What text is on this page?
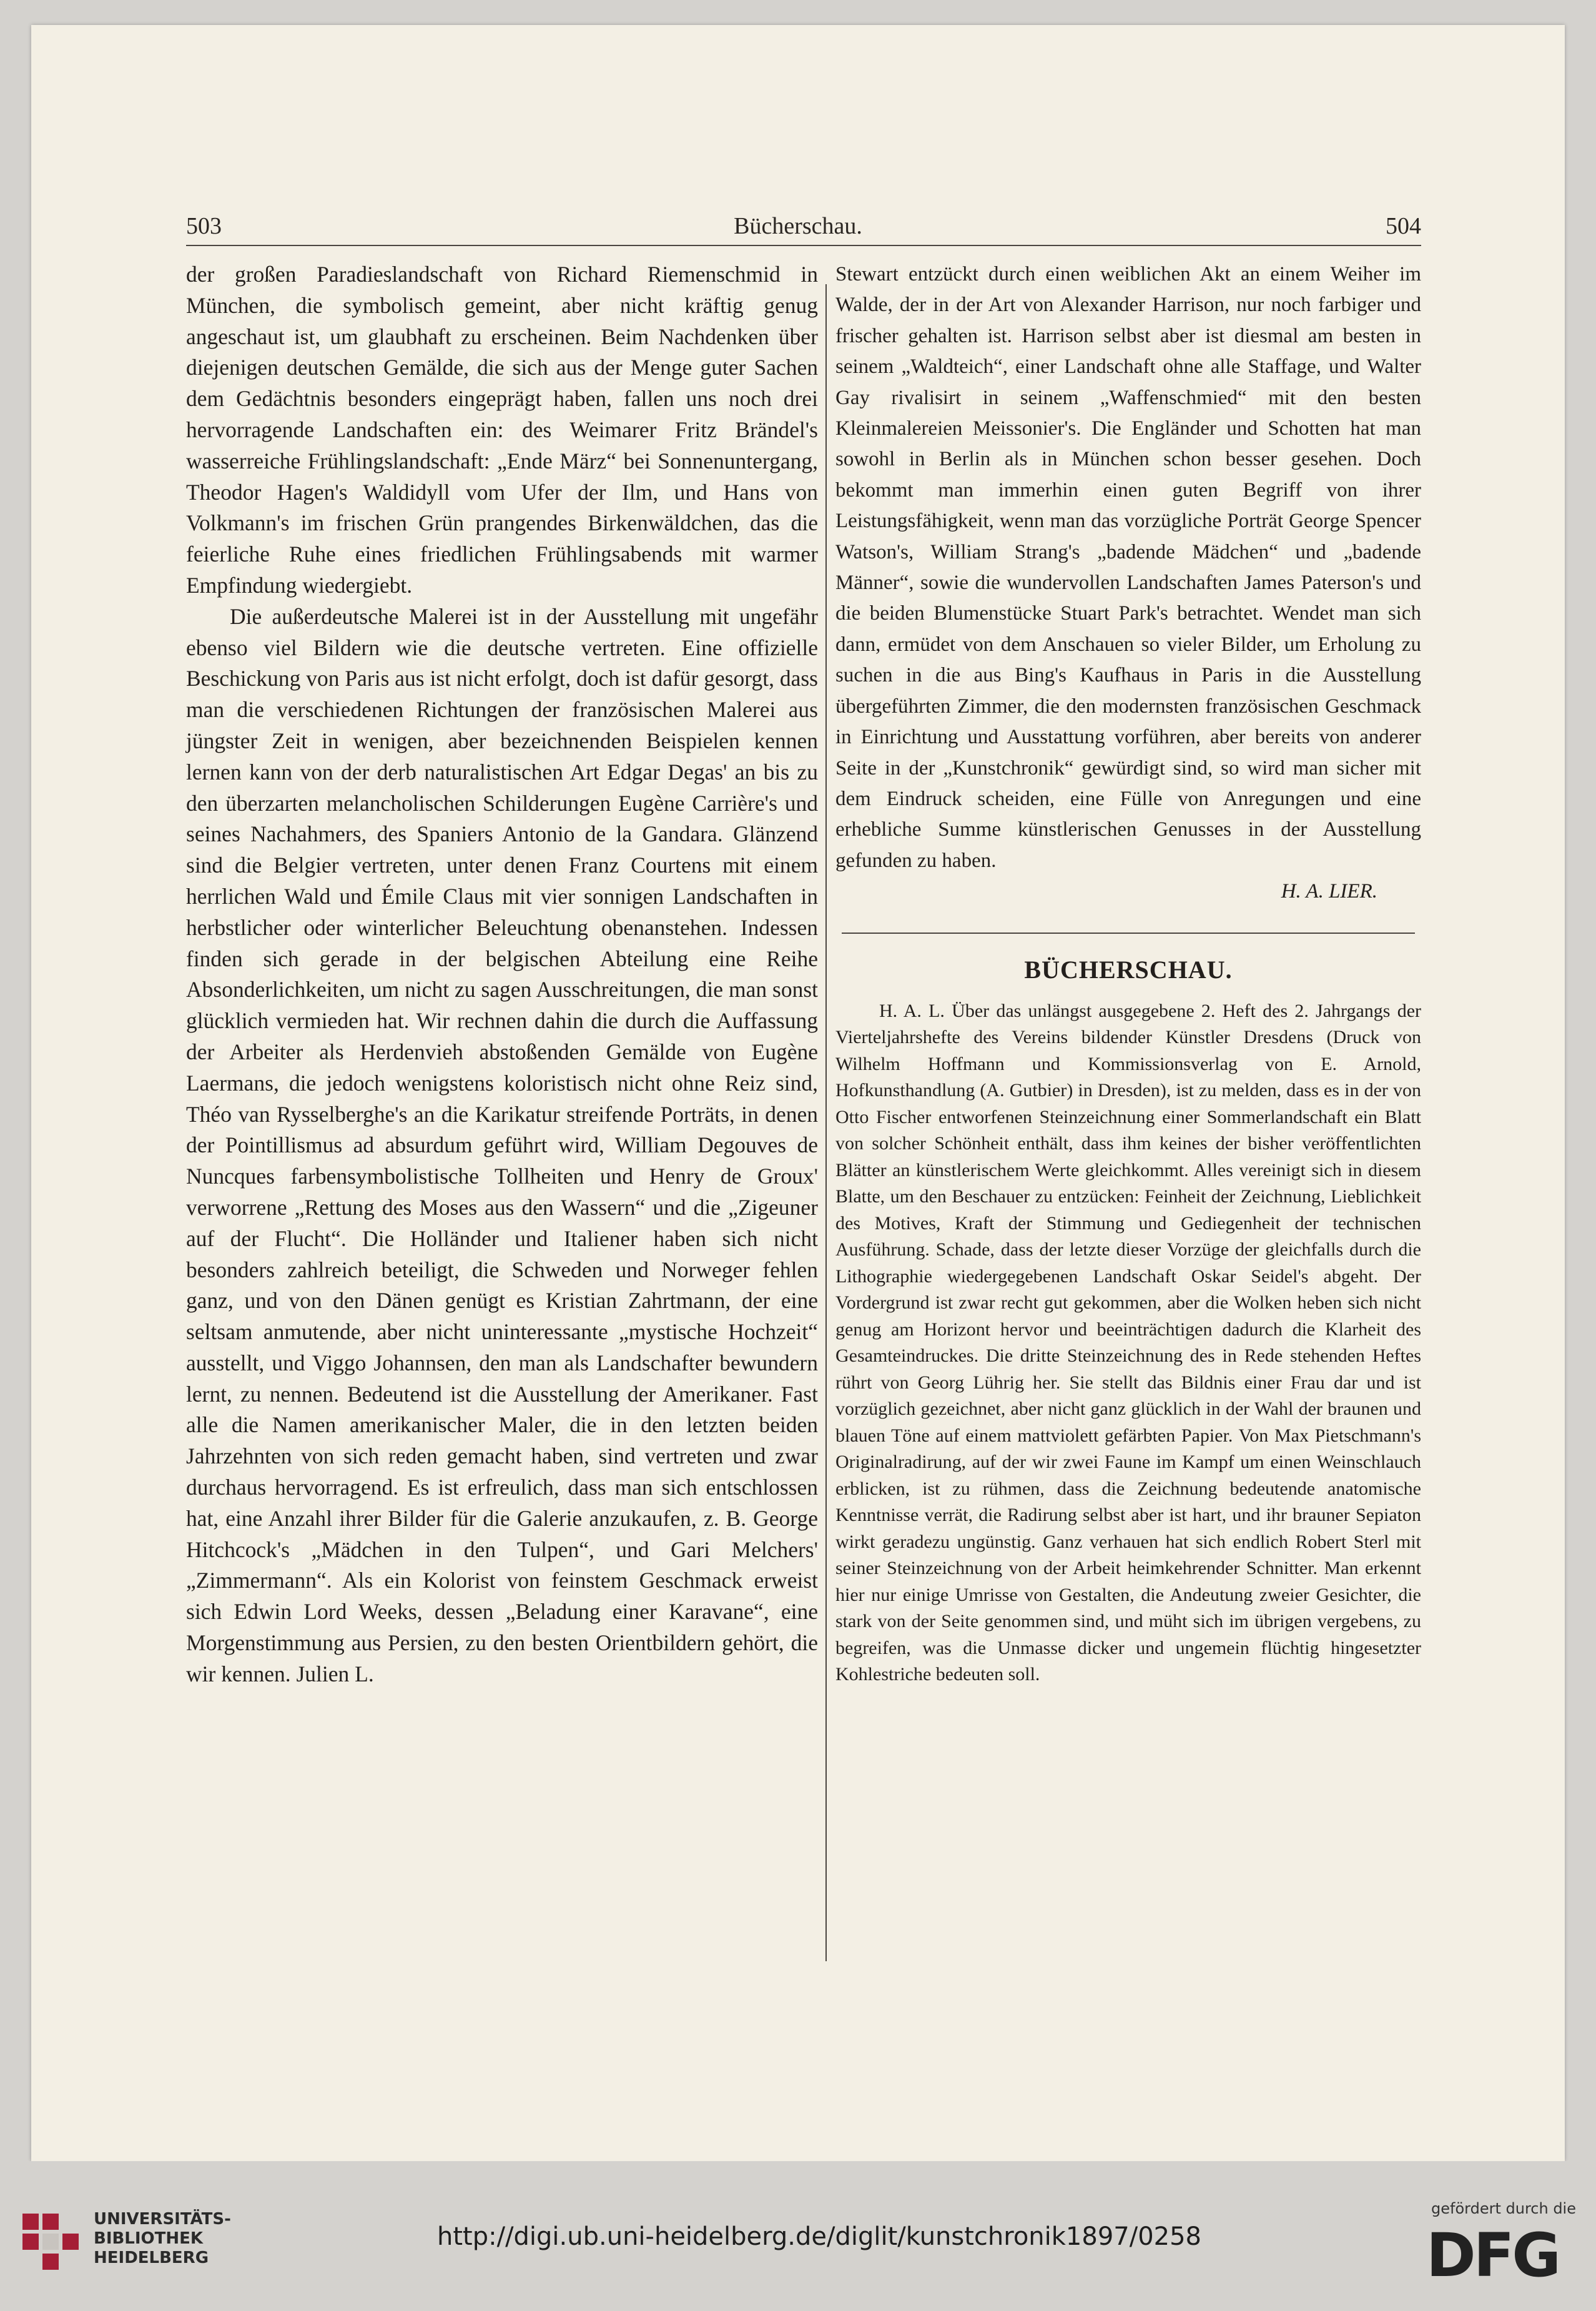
503	Bücherschau.	504

der großen Paradieslandschaft von Richard Riemenschmid in München, die symbolisch gemeint, aber nicht kräftig genug angeschaut ist, um glaubhaft zu erscheinen. Beim Nachdenken über diejenigen deutschen Gemälde, die sich aus der Menge guter Sachen dem Gedächtnis besonders eingeprägt haben, fallen uns noch drei hervorragende Landschaften ein: des Weimarer Fritz Brändel's wasserreiche Frühlingslandschaft: „Ende März“ bei Sonnenuntergang, Theodor Hagen's Waldidyll vom Ufer der Ilm, und Hans von Volkmann's im frischen Grün prangendes Birkenwäldchen, das die feierliche Ruhe eines friedlichen Frühlingsabends mit warmer Empfindung wiedergiebt.

Die außerdeutsche Malerei ist in der Ausstellung mit ungefähr ebenso viel Bildern wie die deutsche vertreten. Eine offizielle Beschickung von Paris aus ist nicht erfolgt, doch ist dafür gesorgt, dass man die verschiedenen Richtungen der französischen Malerei aus jüngster Zeit in wenigen, aber bezeichnenden Beispielen kennen lernen kann von der derb naturalistischen Art Edgar Degas' an bis zu den überzarten melancholischen Schilderungen Eugène Carrière's und seines Nachahmers, des Spaniers Antonio de la Gandara. Glänzend sind die Belgier vertreten, unter denen Franz Courtens mit einem herrlichen Wald und Émile Claus mit vier sonnigen Landschaften in herbstlicher oder winterlicher Beleuchtung obenanstehen. Indessen finden sich gerade in der belgischen Abteilung eine Reihe Absonderlichkeiten, um nicht zu sagen Ausschreitungen, die man sonst glücklich vermieden hat. Wir rechnen dahin die durch die Auffassung der Arbeiter als Herdenvieh abstoßenden Gemälde von Eugène Laermans, die jedoch wenigstens koloristisch nicht ohne Reiz sind, Théo van Rysselberghe's an die Karikatur streifende Porträts, in denen der Pointillismus ad absurdum geführt wird, William Degouves de Nuncques farbensymbolistische Tollheiten und Henry de Groux' verworrene „Rettung des Moses aus den Wassern“ und die „Zigeuner auf der Flucht“. Die Holländer und Italiener haben sich nicht besonders zahlreich beteiligt, die Schweden und Norweger fehlen ganz, und von den Dänen genügt es Kristian Zahrtmann, der eine seltsam anmutende, aber nicht uninteressante „mystische Hochzeit“ ausstellt, und Viggo Johannsen, den man als Landschafter bewundern lernt, zu nennen. Bedeutend ist die Ausstellung der Amerikaner. Fast alle die Namen amerikanischer Maler, die in den letzten beiden Jahrzehnten von sich reden gemacht haben, sind vertreten und zwar durchaus hervorragend. Es ist erfreulich, dass man sich entschlossen hat, eine Anzahl ihrer Bilder für die Galerie anzukaufen, z. B. George Hitchcock's „Mädchen in den Tulpen“, und Gari Melchers' „Zimmermann“. Als ein Kolorist von feinstem Geschmack erweist sich Edwin Lord Weeks, dessen „Beladung einer Karavane“, eine Morgenstimmung aus Persien, zu den besten Orientbildern gehört, die wir kennen. Julien L.

Stewart entzückt durch einen weiblichen Akt an einem Weiher im Walde, der in der Art von Alexander Harrison, nur noch farbiger und frischer gehalten ist. Harrison selbst aber ist diesmal am besten in seinem „Waldteich“, einer Landschaft ohne alle Staffage, und Walter Gay rivalisirt in seinem „Waffenschmied“ mit den besten Kleinmalereien Meissonier's. Die Engländer und Schotten hat man sowohl in Berlin als in München schon besser gesehen. Doch bekommt man immerhin einen guten Begriff von ihrer Leistungsfähigkeit, wenn man das vorzügliche Porträt George Spencer Watson's, William Strang's „badende Mädchen“ und „badende Männer“, sowie die wundervollen Landschaften James Paterson's und die beiden Blumenstücke Stuart Park's betrachtet. Wendet man sich dann, ermüdet von dem Anschauen so vieler Bilder, um Erholung zu suchen in die aus Bing's Kaufhaus in Paris in die Ausstellung übergeführten Zimmer, die den modernsten französischen Geschmack in Einrichtung und Ausstattung vorführen, aber bereits von anderer Seite in der „Kunstchronik“ gewürdigt sind, so wird man sicher mit dem Eindruck scheiden, eine Fülle von Anregungen und eine erhebliche Summe künstlerischen Genusses in der Ausstellung gefunden zu haben.

H. A. LIER.

BÜCHERSCHAU.

H. A. L. Über das unlängst ausgegebene 2. Heft des 2. Jahrgangs der Vierteljahrshefte des Vereins bildender Künstler Dresdens (Druck von Wilhelm Hoffmann und Kommissionsverlag von E. Arnold, Hofkunsthandlung (A. Gutbier) in Dresden), ist zu melden, dass es in der von Otto Fischer entworfenen Steinzeichnung einer Sommerlandschaft ein Blatt von solcher Schönheit enthält, dass ihm keines der bisher veröffentlichten Blätter an künstlerischem Werte gleichkommt. Alles vereinigt sich in diesem Blatte, um den Beschauer zu entzücken: Feinheit der Zeichnung, Lieblichkeit des Motives, Kraft der Stimmung und Gediegenheit der technischen Ausführung. Schade, dass der letzte dieser Vorzüge der gleichfalls durch die Lithographie wiedergegebenen Landschaft Oskar Seidel's abgeht. Der Vordergrund ist zwar recht gut gekommen, aber die Wolken heben sich nicht genug am Horizont hervor und beeinträchtigen dadurch die Klarheit des Gesamteindruckes. Die dritte Steinzeichnung des in Rede stehenden Heftes rührt von Georg Lührig her. Sie stellt das Bildnis einer Frau dar und ist vorzüglich gezeichnet, aber nicht ganz glücklich in der Wahl der braunen und blauen Töne auf einem mattviolett gefärbten Papier. Von Max Pietschmann's Originalradirung, auf der wir zwei Faune im Kampf um einen Weinschlauch erblicken, ist zu rühmen, dass die Zeichnung bedeutende anatomische Kenntnisse verrät, die Radirung selbst aber ist hart, und ihr brauner Sepiaton wirkt geradezu ungünstig. Ganz verhauen hat sich endlich Robert Sterl mit seiner Steinzeichnung von der Arbeit heimkehrender Schnitter. Man erkennt hier nur einige Umrisse von Gestalten, die Andeutung zweier Gesichter, die stark von der Seite genommen sind, und müht sich im übrigen vergebens, zu begreifen, was die Unmasse dicker und ungemein flüchtig hingesetzter Kohlestriche bedeuten soll.

UNIVERSITÄTS-
BIBLIOTHEK
HEIDELBERG
http://digi.ub.uni-heidelberg.de/diglit/kunstchronik1897/0258
gefördert durch die
DFG
